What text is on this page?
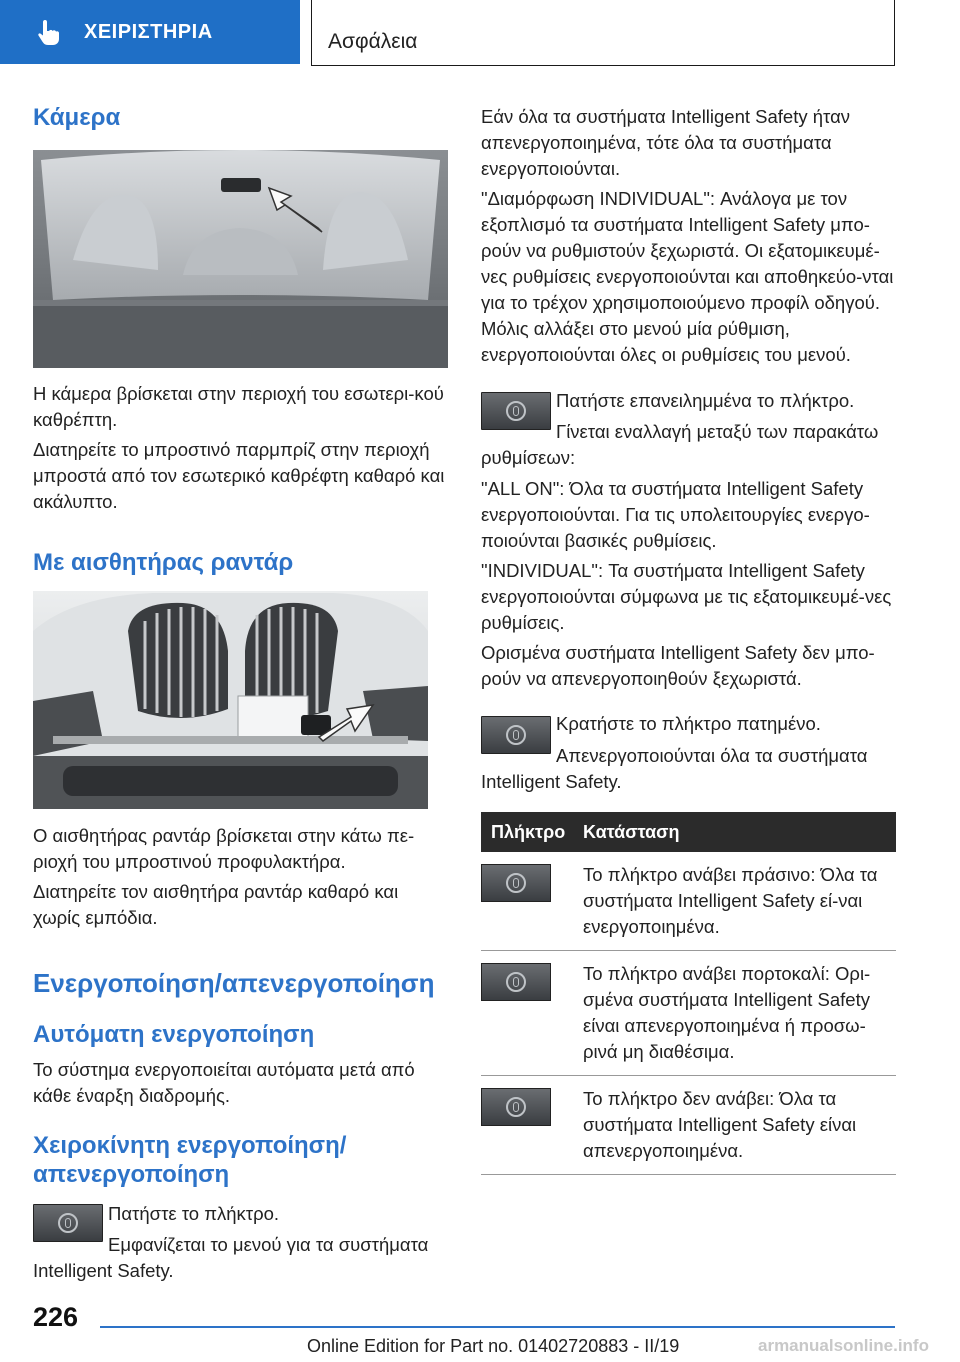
ΧΕΙΡΙΣΤΗΡΙΑ	Ασφάλεια
Κάμερα

Η κάμερα βρίσκεται στην περιοχή του εσωτερι-κού καθρέπτη.

Διατηρείτε το μπροστινό παρμπρίζ στην περιοχή μπροστά από τον εσωτερικό καθρέφτη καθαρό και ακάλυπτο.

Με αισθητήρας ραντάρ

Ο αισθητήρας ραντάρ βρίσκεται στην κάτω πε-ριοχή του μπροστινού προφυλακτήρα.

Διατηρείτε τον αισθητήρα ραντάρ καθαρό και χωρίς εμπόδια.

Ενεργοποίηση/απενεργοποίηση
Αυτόματη ενεργοποίηση

Το σύστημα ενεργοποιείται αυτόματα μετά από κάθε έναρξη διαδρομής.

Χειροκίνητη ενεργοποίηση/
απενεργοποίηση

Πατήστε το πλήκτρο.

Εμφανίζεται το μενού για τα συστήματα Intelligent Safety.

Εάν όλα τα συστήματα Intelligent Safety ήταν απενεργοποιημένα, τότε όλα τα συστήματα ενεργοποιούνται.

"Διαμόρφωση INDIVIDUAL": Ανάλογα με τον εξοπλισμό τα συστήματα Intelligent Safety μπο-ρούν να ρυθμιστούν ξεχωριστά. Οι εξατομικευμέ-νες ρυθμίσεις ενεργοποιούνται και αποθηκεύο-νται για το τρέχον χρησιμοποιούμενο προφίλ οδηγού. Μόλις αλλάξει στο μενού μία ρύθμιση, ενεργοποιούνται όλες οι ρυθμίσεις του μενού.

Πατήστε επανειλημμένα το πλήκτρο.

Γίνεται εναλλαγή μεταξύ των παρακάτω ρυθμίσεων:

"ALL ON": Όλα τα συστήματα Intelligent Safety ενεργοποιούνται. Για τις υπολειτουργίες ενεργο-ποιούνται βασικές ρυθμίσεις.

"INDIVIDUAL": Τα συστήματα Intelligent Safety ενεργοποιούνται σύμφωνα με τις εξατομικευμέ-νες ρυθμίσεις.

Ορισμένα συστήματα Intelligent Safety δεν μπο-ρούν να απενεργοποιηθούν ξεχωριστά.

Κρατήστε το πλήκτρο πατημένο.

Απενεργοποιούνται όλα τα συστήματα Intelligent Safety.

Πλήκτρο	Κατάσταση

	Το πλήκτρο ανάβει πράσινο: Όλα τα συστήματα Intelligent Safety εί-ναι ενεργοποιημένα.

	Το πλήκτρο ανάβει πορτοκαλί: Ορι-σμένα συστήματα Intelligent Safety είναι απενεργοποιημένα ή προσω-ρινά μη διαθέσιμα.

	Το πλήκτρο δεν ανάβει: Όλα τα συστήματα Intelligent Safety είναι απενεργοποιημένα.
226
Online Edition for Part no. 01402720883 - II/19	armanualsonline.info
